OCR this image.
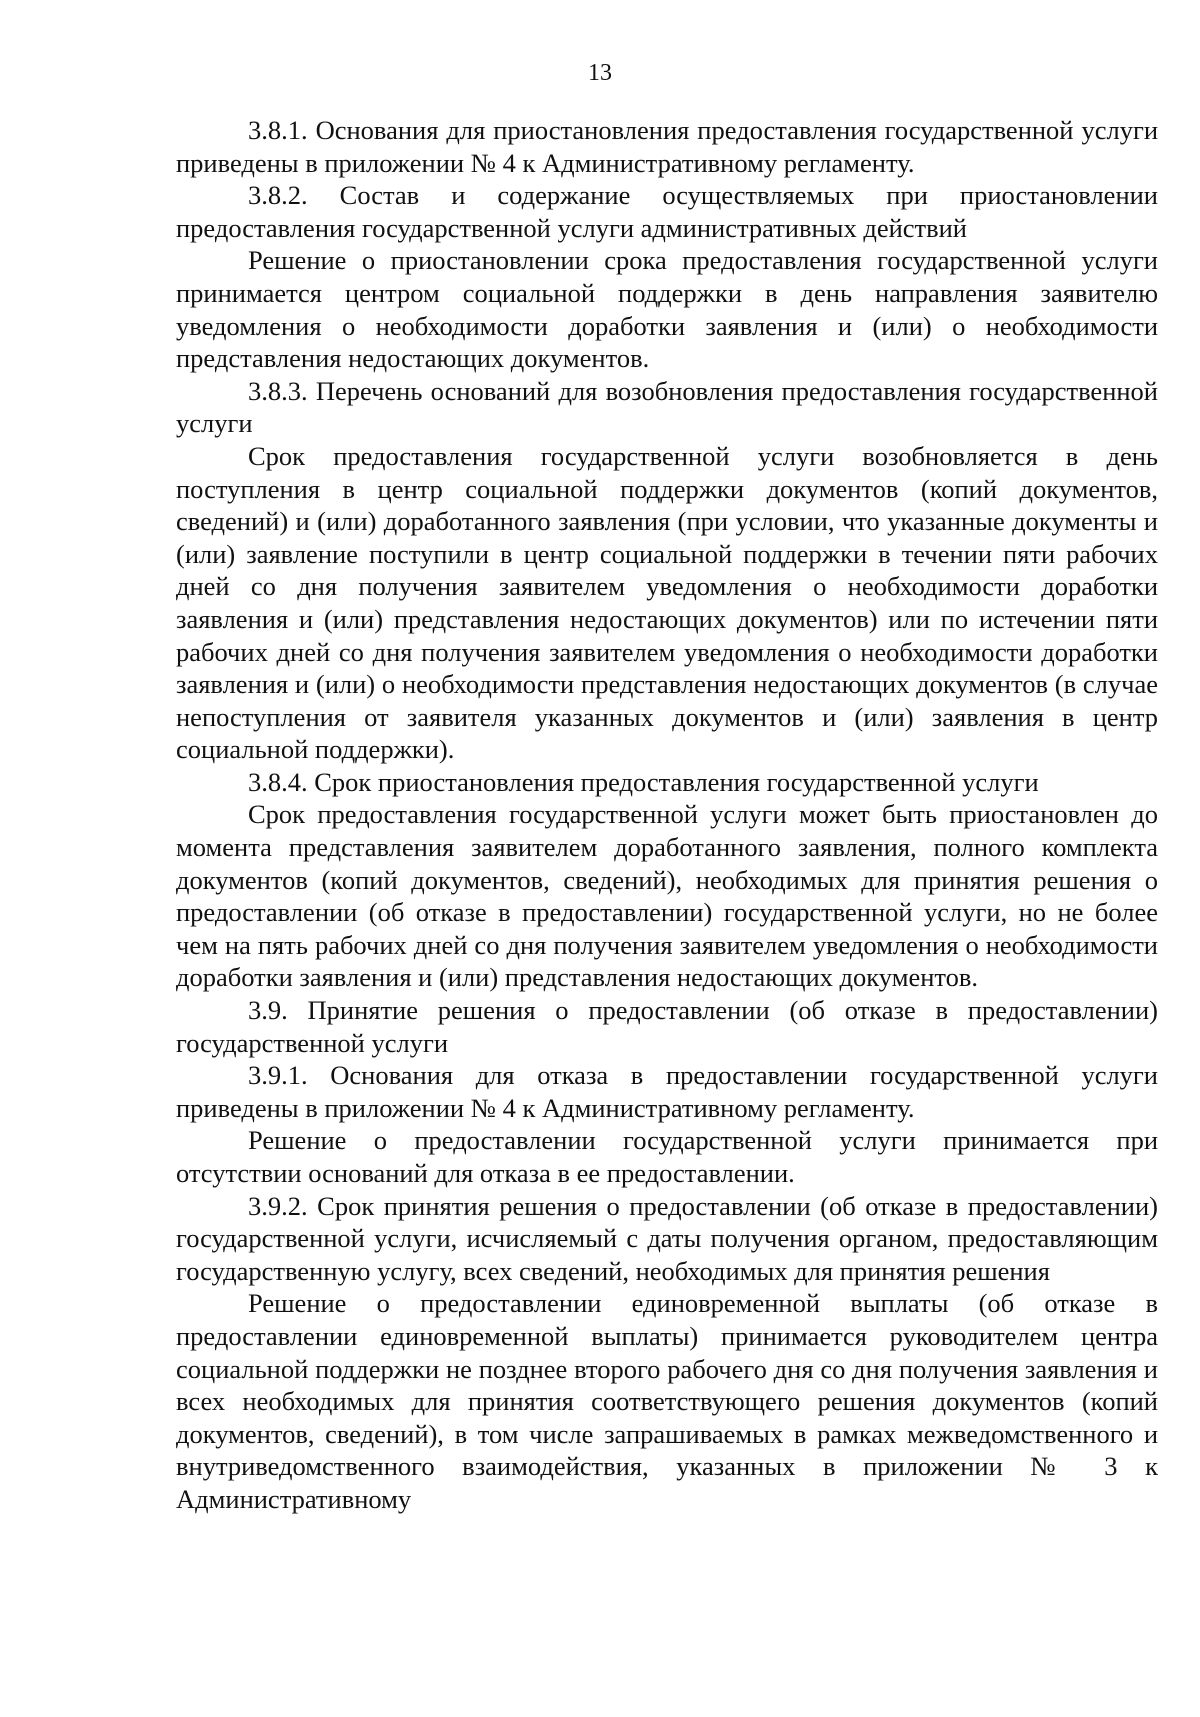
13

3.8.1. Основания для приостановления предоставления государственной услуги приведены в приложении № 4 к Административному регламенту.

3.8.2. Состав и содержание осуществляемых при приостановлении предоставления государственной услуги административных действий

Решение о приостановлении срока предоставления государственной услуги принимается центром социальной поддержки в день направления заявителю уведомления о необходимости доработки заявления и (или) о необходимости представления недостающих документов.

3.8.3. Перечень оснований для возобновления предоставления государственной услуги

Срок предоставления государственной услуги возобновляется в день поступления в центр социальной поддержки документов (копий документов, сведений) и (или) доработанного заявления (при условии, что указанные документы и (или) заявление поступили в центр социальной поддержки в течении пяти рабочих дней со дня получения заявителем уведомления о необходимости доработки заявления и (или) представления недостающих документов) или по истечении пяти рабочих дней со дня получения заявителем уведомления о необходимости доработки заявления и (или) о необходимости представления недостающих документов (в случае непоступления от заявителя указанных документов и (или) заявления в центр социальной поддержки).

3.8.4. Срок приостановления предоставления государственной услуги

Срок предоставления государственной услуги может быть приостановлен до момента представления заявителем доработанного заявления, полного комплекта документов (копий документов, сведений), необходимых для принятия решения о предоставлении (об отказе в предоставлении) государственной услуги, но не более чем на пять рабочих дней со дня получения заявителем уведомления о необходимости доработки заявления и (или) представления недостающих документов.

3.9. Принятие решения о предоставлении (об отказе в предоставлении) государственной услуги

3.9.1. Основания для отказа в предоставлении государственной услуги приведены в приложении № 4 к Административному регламенту.

Решение о предоставлении государственной услуги принимается при отсутствии оснований для отказа в ее предоставлении.

3.9.2. Срок принятия решения о предоставлении (об отказе в предоставлении) государственной услуги, исчисляемый с даты получения органом, предоставляющим государственную услугу, всех сведений, необходимых для принятия решения

Решение о предоставлении единовременной выплаты (об отказе в предоставлении единовременной выплаты) принимается руководителем центра социальной поддержки не позднее второго рабочего дня со дня получения заявления и всех необходимых для принятия соответствующего решения документов (копий документов, сведений), в том числе запрашиваемых в рамках межведомственного и внутриведомственного взаимодействия, указанных в приложении № 3 к Административному
